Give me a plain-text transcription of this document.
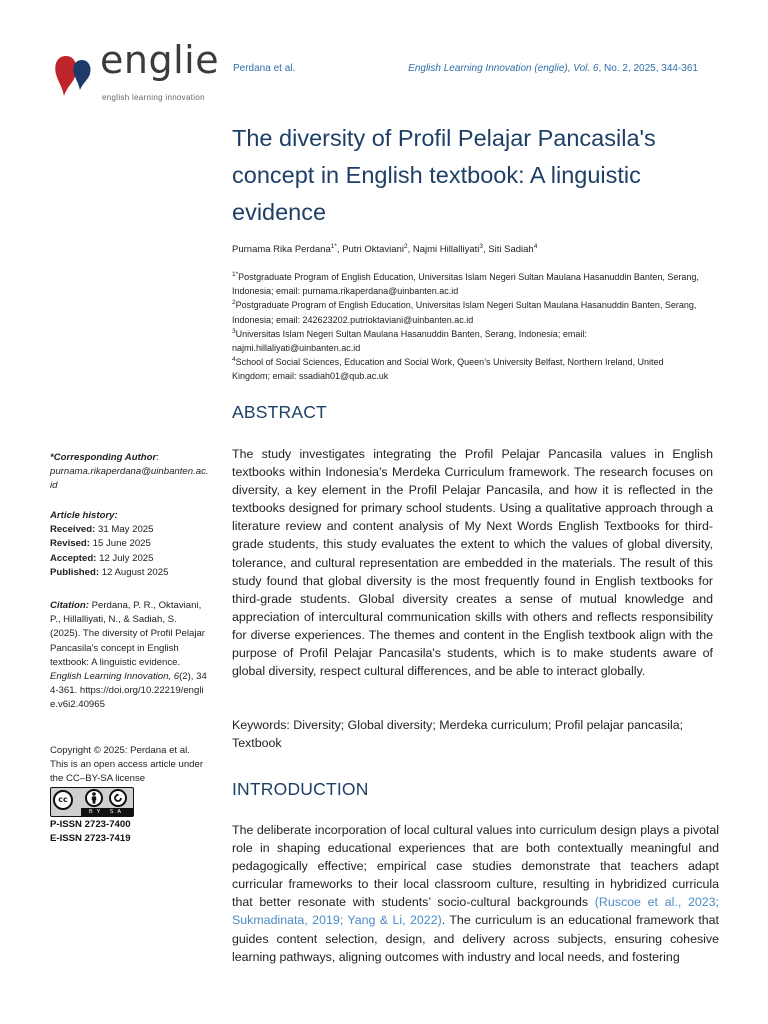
englie
english learning innovation
Perdana et al.	English Learning Innovation (englie), Vol. 6, No. 2, 2025, 344-361
The diversity of Profil Pelajar Pancasila's concept in English textbook: A linguistic evidence
Purnama Rika Perdana$^{1*}$, Putri Oktaviani$^2$, Najmi Hillalliyati$^3$, Siti Sadiah$^4$

$^{1*}$Postgraduate Program of English Education, Universitas Islam Negeri Sultan Maulana Hasanuddin Banten, Serang, Indonesia; email: purnama.rikaperdana@uinbanten.ac.id

$^2$Postgraduate Program of English Education, Universitas Islam Negeri Sultan Maulana Hasanuddin Banten, Serang, Indonesia; email: 242623202.putrioktaviani@uinbanten.ac.id

$^3$Universitas Islam Negeri Sultan Maulana Hasanuddin Banten, Serang, Indonesia; email: najmi.hillaliyati@uinbanten.ac.id

$^4$School of Social Sciences, Education and Social Work, Queen’s University Belfast, Northern Ireland, United Kingdom; email: ssadiah01@qub.ac.uk

ABSTRACT

The study investigates integrating the Profil Pelajar Pancasila values in English textbooks within Indonesia's Merdeka Curriculum framework. The research focuses on diversity, a key element in the Profil Pelajar Pancasila, and how it is reflected in the textbooks designed for primary school students. Using a qualitative approach through a literature review and content analysis of My Next Words English Textbooks for third-grade students, this study evaluates the extent to which the values of global diversity, tolerance, and cultural representation are embedded in the materials. The result of this study found that global diversity is the most frequently found in English textbooks for third-grade students. Global diversity creates a sense of mutual knowledge and appreciation of intercultural communication skills with others and reflects responsibility for diverse experiences. The themes and content in the English textbook align with the purpose of Profil Pelajar Pancasila's students, which is to make students aware of global diversity, respect cultural differences, and be able to interact globally.

Keywords: Diversity; Global diversity; Merdeka curriculum; Profil pelajar pancasila; Textbook
INTRODUCTION

The deliberate incorporation of local cultural values into curriculum design plays a pivotal role in shaping educational experiences that are both contextually meaningful and pedagogically effective; empirical case studies demonstrate that teachers adapt curricular frameworks to their local classroom culture, resulting in hybridized curricula that better resonate with students’ socio-cultural backgrounds (Ruscoe et al., 2023; Sukmadinata, 2019; Yang & Li, 2022). The curriculum is an educational framework that guides content selection, design, and delivery across subjects, ensuring cohesive learning pathways, aligning outcomes with industry and local needs, and fostering

*Corresponding Author:
purnama.rikaperdana@uinbanten.ac.id
Article history:
Received: 31 May 2025
Revised: 15 June 2025
Accepted: 12 July 2025
Published: 12 August 2025
Citation: Perdana, P. R., Oktaviani, P., Hillalliyati, N., & Sadiah, S. (2025). The diversity of Profil Pelajar Pancasila's concept in English textbook: A linguistic evidence. English Learning Innovation, 6(2), 344-361. https://doi.org/10.22219/englie.v6i2.40965
Copyright © 2025: Perdana et al. This is an open access article under the CC–BY-SA license
cc
BY SA
P-ISSN 2723-7400
E-ISSN 2723-7419
